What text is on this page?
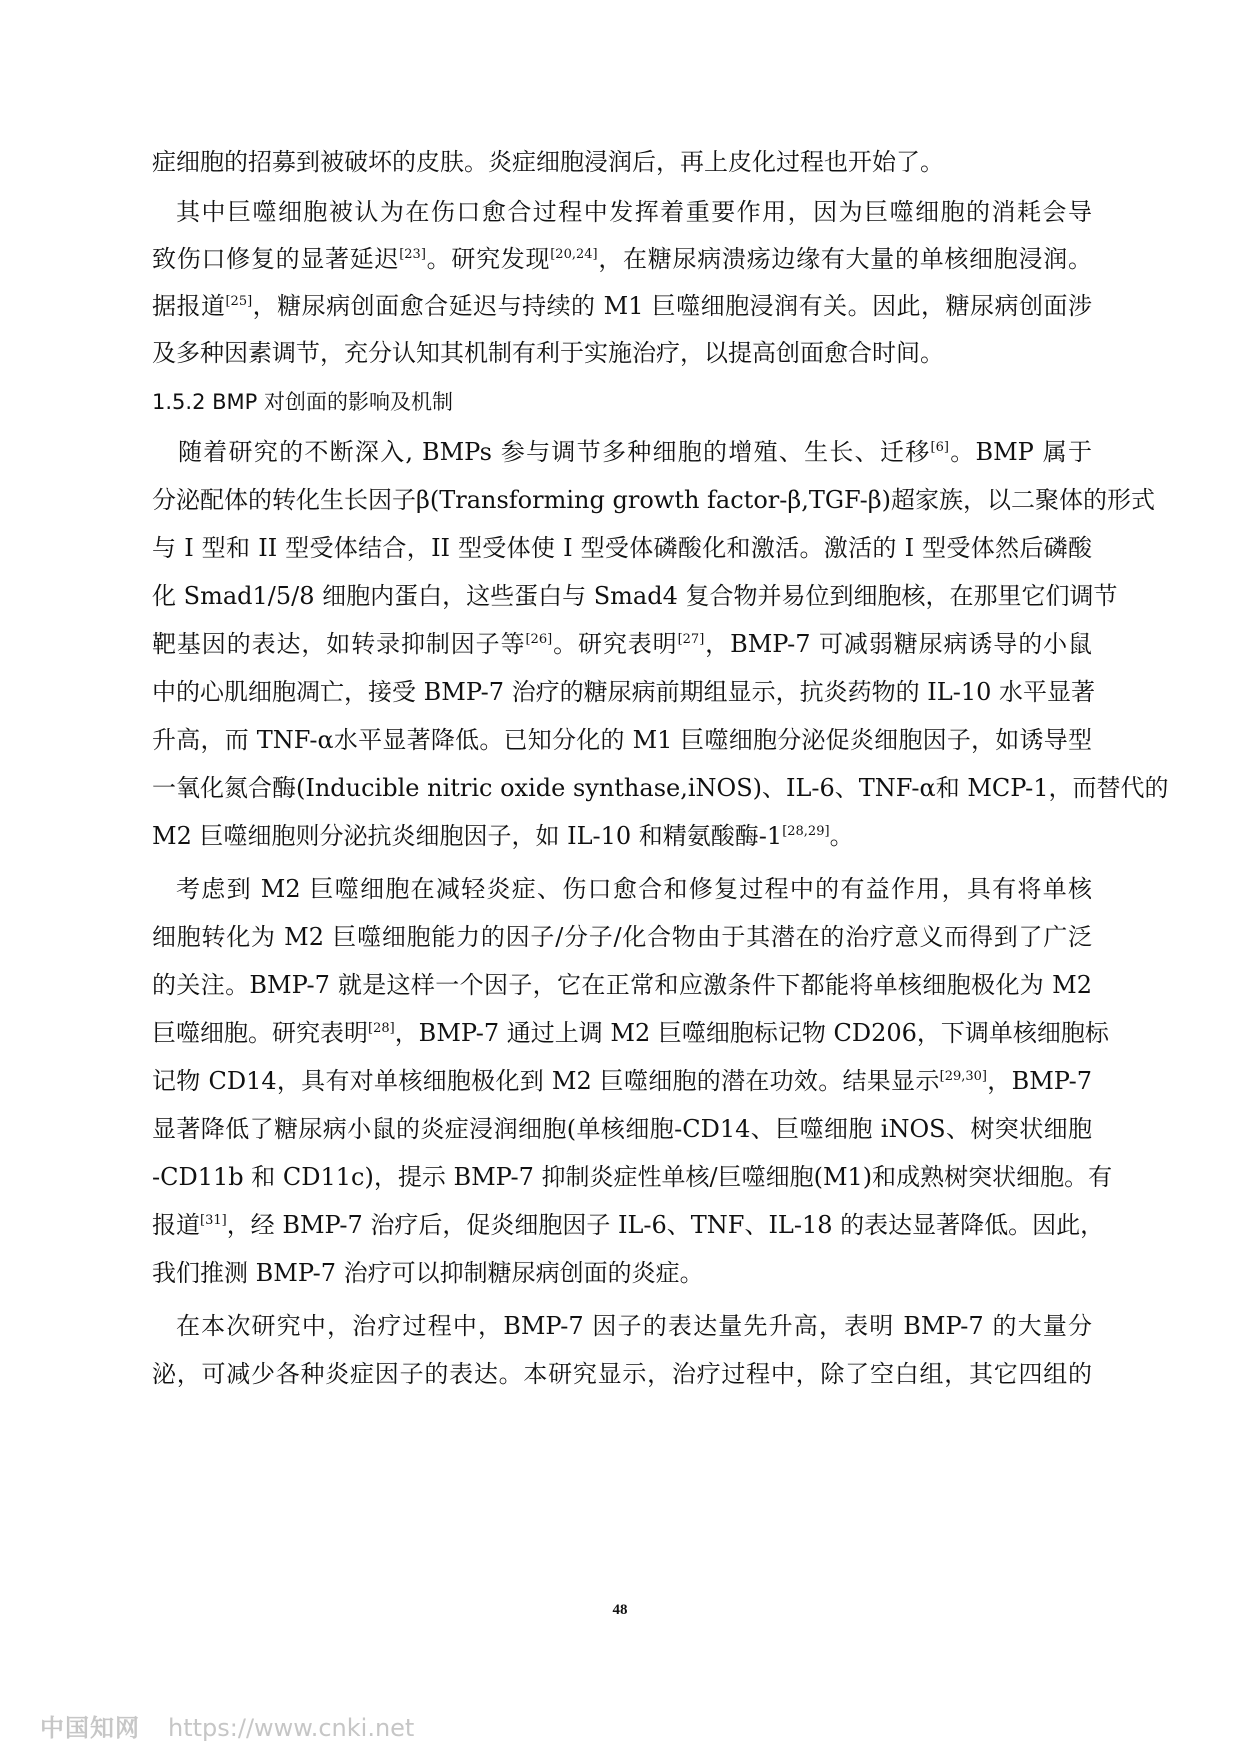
症细胞的招募到被破坏的皮肤。炎症细胞浸润后，再上皮化过程也开始了。
其中巨噬细胞被认为在伤口愈合过程中发挥着重要作用，因为巨噬细胞的消耗会导
致伤口修复的显著延迟[23]。研究发现[20,24]，在糖尿病溃疡边缘有大量的单核细胞浸润。
据报道[25]，糖尿病创面愈合延迟与持续的 M1 巨噬细胞浸润有关。因此，糖尿病创面涉
及多种因素调节，充分认知其机制有利于实施治疗，以提高创面愈合时间。
1.5.2 BMP 对创面的影响及机制
随着研究的不断深入, BMPs 参与调节多种细胞的增殖、生长、迁移[6]。BMP 属于
分泌配体的转化生长因子β(Transforming growth factor-β,TGF-β)超家族，以二聚体的形式
与 I 型和 II 型受体结合，II 型受体使 I 型受体磷酸化和激活。激活的 I 型受体然后磷酸
化 Smad1/5/8 细胞内蛋白，这些蛋白与 Smad4 复合物并易位到细胞核，在那里它们调节
靶基因的表达，如转录抑制因子等[26]。研究表明[27]，BMP-7 可减弱糖尿病诱导的小鼠
中的心肌细胞凋亡，接受 BMP-7 治疗的糖尿病前期组显示，抗炎药物的 IL-10 水平显著
升高，而 TNF-α水平显著降低。已知分化的 M1 巨噬细胞分泌促炎细胞因子，如诱导型
一氧化氮合酶(Inducible nitric oxide synthase,iNOS)、IL-6、TNF-α和 MCP-1，而替代的
M2 巨噬细胞则分泌抗炎细胞因子，如 IL-10 和精氨酸酶-1[28,29]。
考虑到 M2 巨噬细胞在减轻炎症、伤口愈合和修复过程中的有益作用，具有将单核
细胞转化为 M2 巨噬细胞能力的因子/分子/化合物由于其潜在的治疗意义而得到了广泛
的关注。BMP-7 就是这样一个因子，它在正常和应激条件下都能将单核细胞极化为 M2
巨噬细胞。研究表明[28]，BMP-7 通过上调 M2 巨噬细胞标记物 CD206，下调单核细胞标
记物 CD14，具有对单核细胞极化到 M2 巨噬细胞的潜在功效。结果显示[29,30]，BMP-7
显著降低了糖尿病小鼠的炎症浸润细胞(单核细胞-CD14、巨噬细胞 iNOS、树突状细胞
-CD11b 和 CD11c)，提示 BMP-7 抑制炎症性单核/巨噬细胞(M1)和成熟树突状细胞。有
报道[31]，经 BMP-7 治疗后，促炎细胞因子 IL-6、TNF、IL-18 的表达显著降低。因此，
我们推测 BMP-7 治疗可以抑制糖尿病创面的炎症。
在本次研究中，治疗过程中，BMP-7 因子的表达量先升高，表明 BMP-7 的大量分
泌，可减少各种炎症因子的表达。本研究显示，治疗过程中，除了空白组，其它四组的
48
中国知网 https://www.cnki.net
